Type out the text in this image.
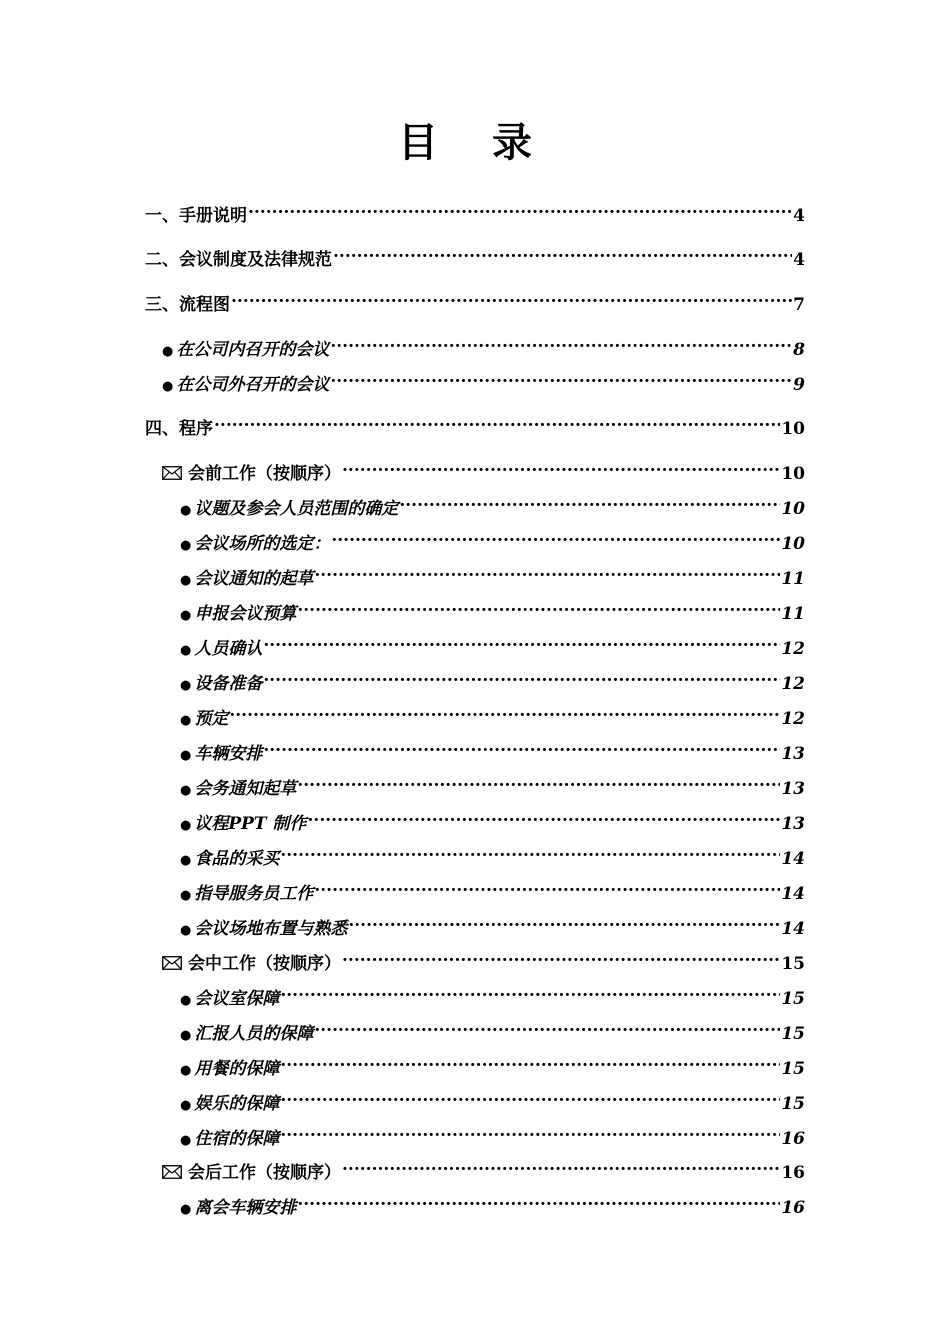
目 录
一、手册说明 .....	4
二、会议制度及法律规范 .....	4
三、流程图 .....	7
● 在公司内召开的会议 .....	8
● 在公司外召开的会议 .....	9
四、程序 .....	10
会前工作（按顺序） .....	10
● 议题及参会人员范围的确定 .....	10
● 会议场所的选定： .....	10
● 会议通知的起草 .....	11
● 申报会议预算 .....	11
● 人员确认 .....	12
● 设备准备 .....	12
● 预定 .....	12
● 车辆安排 .....	13
● 会务通知起草 .....	13
● 议程PPT 制作 .....	13
● 食品的采买 .....	14
● 指导服务员工作 .....	14
● 会议场地布置与熟悉 .....	14
会中工作（按顺序） .....	15
● 会议室保障 .....	15
● 汇报人员的保障 .....	15
● 用餐的保障 .....	15
● 娱乐的保障 .....	15
● 住宿的保障 .....	16
会后工作（按顺序） .....	16
● 离会车辆安排 .....	16
